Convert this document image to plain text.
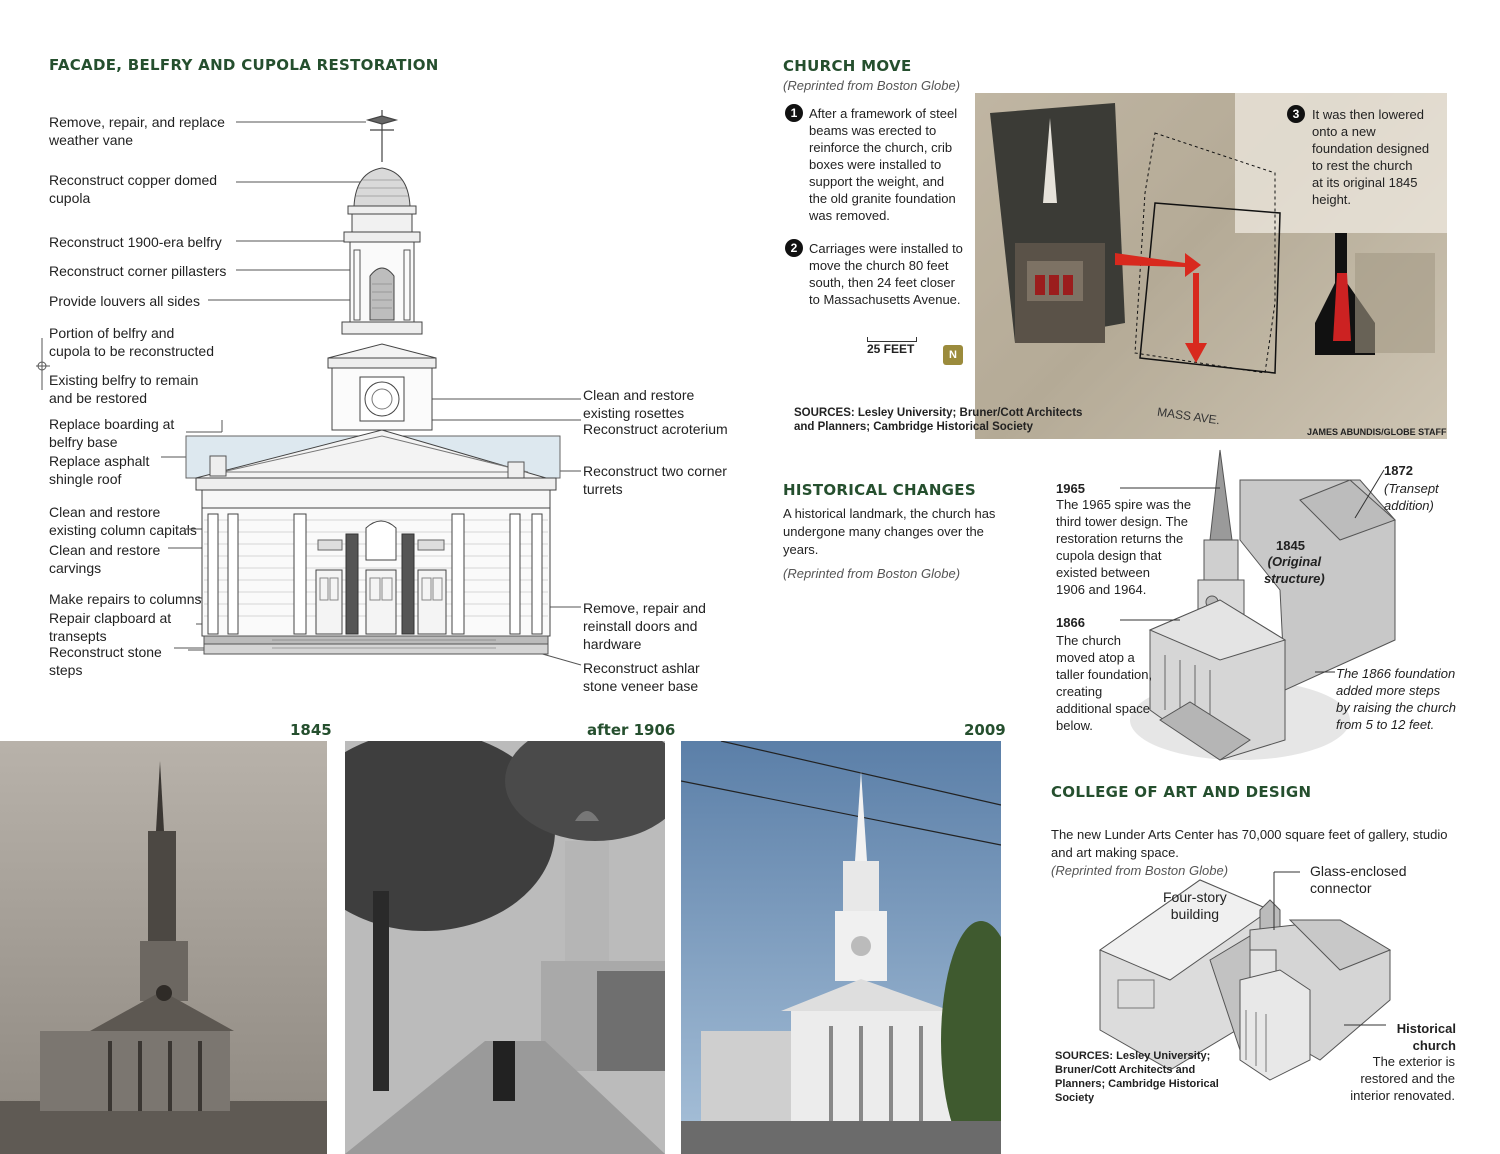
FACADE, BELFRY AND CUPOLA RESTORATION
Remove, repair, and replace
weather vane
Reconstruct copper domed
cupola
Reconstruct 1900-era belfry
Reconstruct corner pillasters
Provide louvers all sides
Portion of belfry and
cupola to be reconstructed
Existing belfry to remain
and be restored
Replace boarding at
belfry base
Replace asphalt
shingle roof
Clean and restore
existing column capitals
Clean and restore
carvings
Make repairs to columns
Repair clapboard at
transepts
Reconstruct stone
steps
Clean and restore
existing rosettes
Reconstruct acroterium
Reconstruct two corner
turrets
Remove, repair and
reinstall doors and
hardware
Reconstruct ashlar
stone veneer base
1845	after 1906	2009
CHURCH MOVE
(Reprinted from Boston Globe)
25 FEET	N
MASS AVE.
JAMES ABUNDIS/GLOBE STAFF
1 After a framework of steel
beams was erected to
reinforce the church, crib
boxes were installed to
support the weight, and
the old granite foundation
was removed.
2 Carriages were installed to
move the church 80 feet
south, then 24 feet closer
to Massachusetts Avenue.
3 It was then lowered
onto a new
foundation designed
to rest the church
at its original 1845
height.
SOURCES: Lesley University; Bruner/Cott Architects
and Planners; Cambridge Historical Society
HISTORICAL CHANGES
A historical landmark, the church has
undergone many changes over the
years.
(Reprinted from Boston Globe)
1965
The 1965 spire was the
third tower design. The
restoration returns the
cupola design that
existed between
1906 and 1964.
1866
The church
moved atop a
taller foundation,
creating
additional space
below.
1845
(Original
structure)
1872
(Transept
addition)
The 1866 foundation
added more steps
by raising the church
from 5 to 12 feet.
COLLEGE OF ART AND DESIGN

The new Lunder Arts Center has 70,000 square feet of gallery, studio
and art making space.
(Reprinted from Boston Globe)

Four-story
building
Glass-enclosed
connector
Historical
church
The exterior is
restored and the
interior renovated.
SOURCES: Lesley University;
Bruner/Cott Architects and
Planners; Cambridge Historical
Society
